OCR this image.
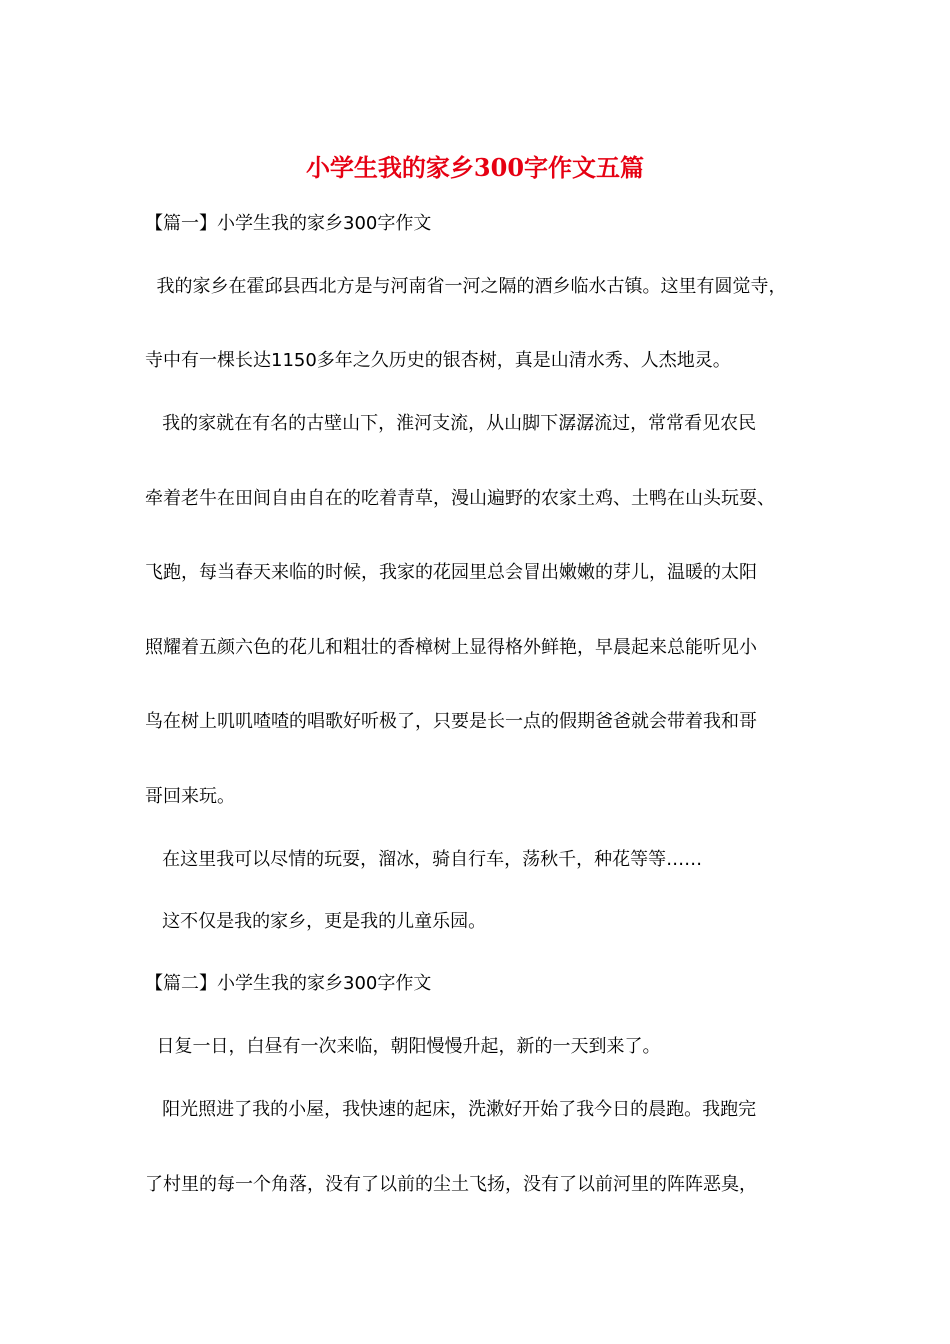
小学生我的家乡300字作文五篇
【篇一】小学生我的家乡300字作文
我的家乡在霍邱县西北方是与河南省一河之隔的酒乡临水古镇。这里有圆觉寺，
寺中有一棵长达1150多年之久历史的银杏树，真是山清水秀、人杰地灵。
我的家就在有名的古壁山下，淮河支流，从山脚下潺潺流过，常常看见农民
牵着老牛在田间自由自在的吃着青草，漫山遍野的农家土鸡、土鸭在山头玩耍、
飞跑，每当春天来临的时候，我家的花园里总会冒出嫩嫩的芽儿，温暖的太阳
照耀着五颜六色的花儿和粗壮的香樟树上显得格外鲜艳，早晨起来总能听见小
鸟在树上叽叽喳喳的唱歌好听极了，只要是长一点的假期爸爸就会带着我和哥
哥回来玩。
在这里我可以尽情的玩耍，溜冰，骑自行车，荡秋千，种花等等……
这不仅是我的家乡，更是我的儿童乐园。
【篇二】小学生我的家乡300字作文
日复一日，白昼有一次来临，朝阳慢慢升起，新的一天到来了。
阳光照进了我的小屋，我快速的起床，洗漱好开始了我今日的晨跑。我跑完
了村里的每一个角落，没有了以前的尘土飞扬，没有了以前河里的阵阵恶臭，
